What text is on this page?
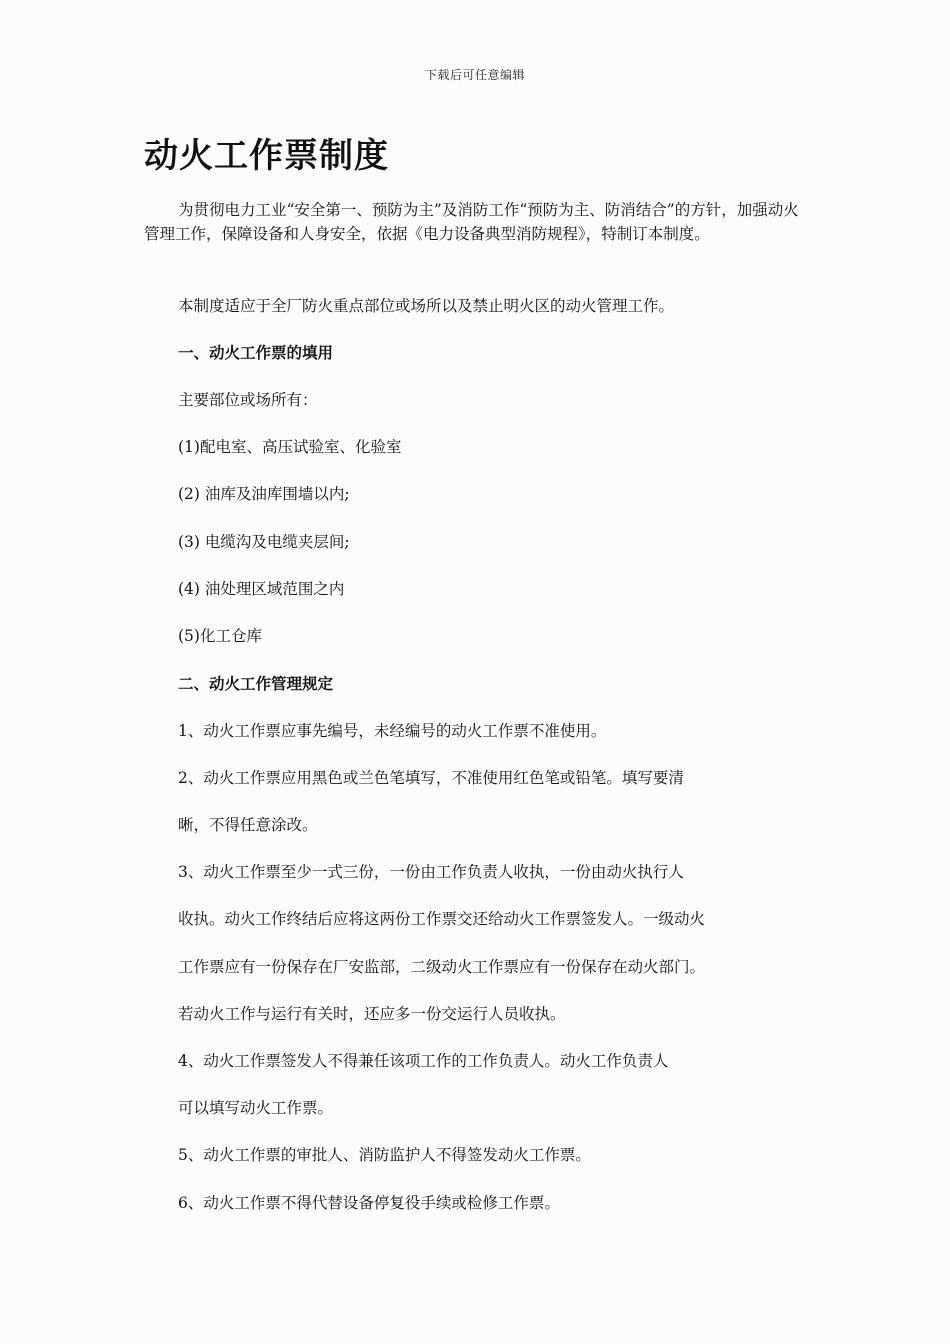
下载后可任意编辑
动火工作票制度

为贯彻电力工业“安全第一、预防为主”及消防工作“预防为主、防消结合”的方针，加强动火管理工作，保障设备和人身安全，依据《电力设备典型消防规程》，特制订本制度。

本制度适应于全厂防火重点部位或场所以及禁止明火区的动火管理工作。

一、动火工作票的填用

主要部位或场所有：

(1)配电室、高压试验室、化验室

(2) 油库及油库围墙以内;

(3) 电缆沟及电缆夹层间;

(4) 油处理区域范围之内

(5)化工仓库

二、动火工作管理规定

1、动火工作票应事先编号，未经编号的动火工作票不准使用。

2、动火工作票应用黑色或兰色笔填写，不准使用红色笔或铅笔。填写要清

晰，不得任意涂改。

3、动火工作票至少一式三份，一份由工作负责人收执，一份由动火执行人

收执。动火工作终结后应将这两份工作票交还给动火工作票签发人。一级动火

工作票应有一份保存在厂安监部，二级动火工作票应有一份保存在动火部门。

若动火工作与运行有关时，还应多一份交运行人员收执。

4、动火工作票签发人不得兼任该项工作的工作负责人。动火工作负责人

可以填写动火工作票。

5、动火工作票的审批人、消防监护人不得签发动火工作票。

6、动火工作票不得代替设备停复役手续或检修工作票。
